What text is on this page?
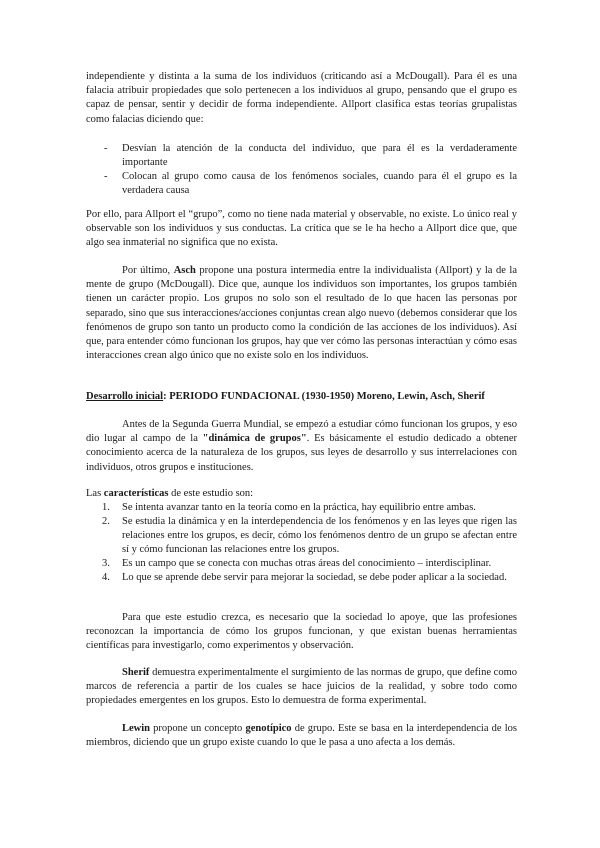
independiente y distinta a la suma de los individuos (criticando así a McDougall). Para él es una falacia atribuir propiedades que solo pertenecen a los individuos al grupo, pensando que el grupo es capaz de pensar, sentir y decidir de forma independiente. Allport clasifica estas teorías grupalistas como falacias diciendo que:

- Desvían la atención de la conducta del individuo, que para él es la verdaderamente importante
- Colocan al grupo como causa de los fenómenos sociales, cuando para él el grupo es la verdadera causa

Por ello, para Allport el “grupo”, como no tiene nada material y observable, no existe. Lo único real y observable son los individuos y sus conductas. La crítica que se le ha hecho a Allport dice que, que algo sea inmaterial no significa que no exista.

Por último, Asch propone una postura intermedia entre la individualista (Allport) y la de la mente de grupo (McDougall). Dice que, aunque los individuos son importantes, los grupos también tienen un carácter propio. Los grupos no solo son el resultado de lo que hacen las personas por separado, sino que sus interacciones/acciones conjuntas crean algo nuevo (debemos considerar que los fenómenos de grupo son tanto un producto como la condición de las acciones de los individuos). Así que, para entender cómo funcionan los grupos, hay que ver cómo las personas interactúan y cómo esas interacciones crean algo único que no existe solo en los individuos.

Desarrollo inicial: PERIODO FUNDACIONAL (1930-1950) Moreno, Lewin, Asch, Sherif

Antes de la Segunda Guerra Mundial, se empezó a estudiar cómo funcionan los grupos, y eso dio lugar al campo de la "dinámica de grupos". Es básicamente el estudio dedicado a obtener conocimiento acerca de la naturaleza de los grupos, sus leyes de desarrollo y sus interrelaciones con individuos, otros grupos e instituciones.

Las características de este estudio son:

1. Se intenta avanzar tanto en la teoría como en la práctica, hay equilibrio entre ambas.
2. Se estudia la dinámica y en la interdependencia de los fenómenos y en las leyes que rigen las relaciones entre los grupos, es decir, cómo los fenómenos dentro de un grupo se afectan entre sí y cómo funcionan las relaciones entre los grupos.
3. Es un campo que se conecta con muchas otras áreas del conocimiento – interdisciplinar.
4. Lo que se aprende debe servir para mejorar la sociedad, se debe poder aplicar a la sociedad.

Para que este estudio crezca, es necesario que la sociedad lo apoye, que las profesiones reconozcan la importancia de cómo los grupos funcionan, y que existan buenas herramientas científicas para investigarlo, como experimentos y observación.

Sherif demuestra experimentalmente el surgimiento de las normas de grupo, que define como marcos de referencia a partir de los cuales se hace juicios de la realidad, y sobre todo como propiedades emergentes en los grupos. Esto lo demuestra de forma experimental.

Lewin propone un concepto genotípico de grupo. Este se basa en la interdependencia de los miembros, diciendo que un grupo existe cuando lo que le pasa a uno afecta a los demás.
